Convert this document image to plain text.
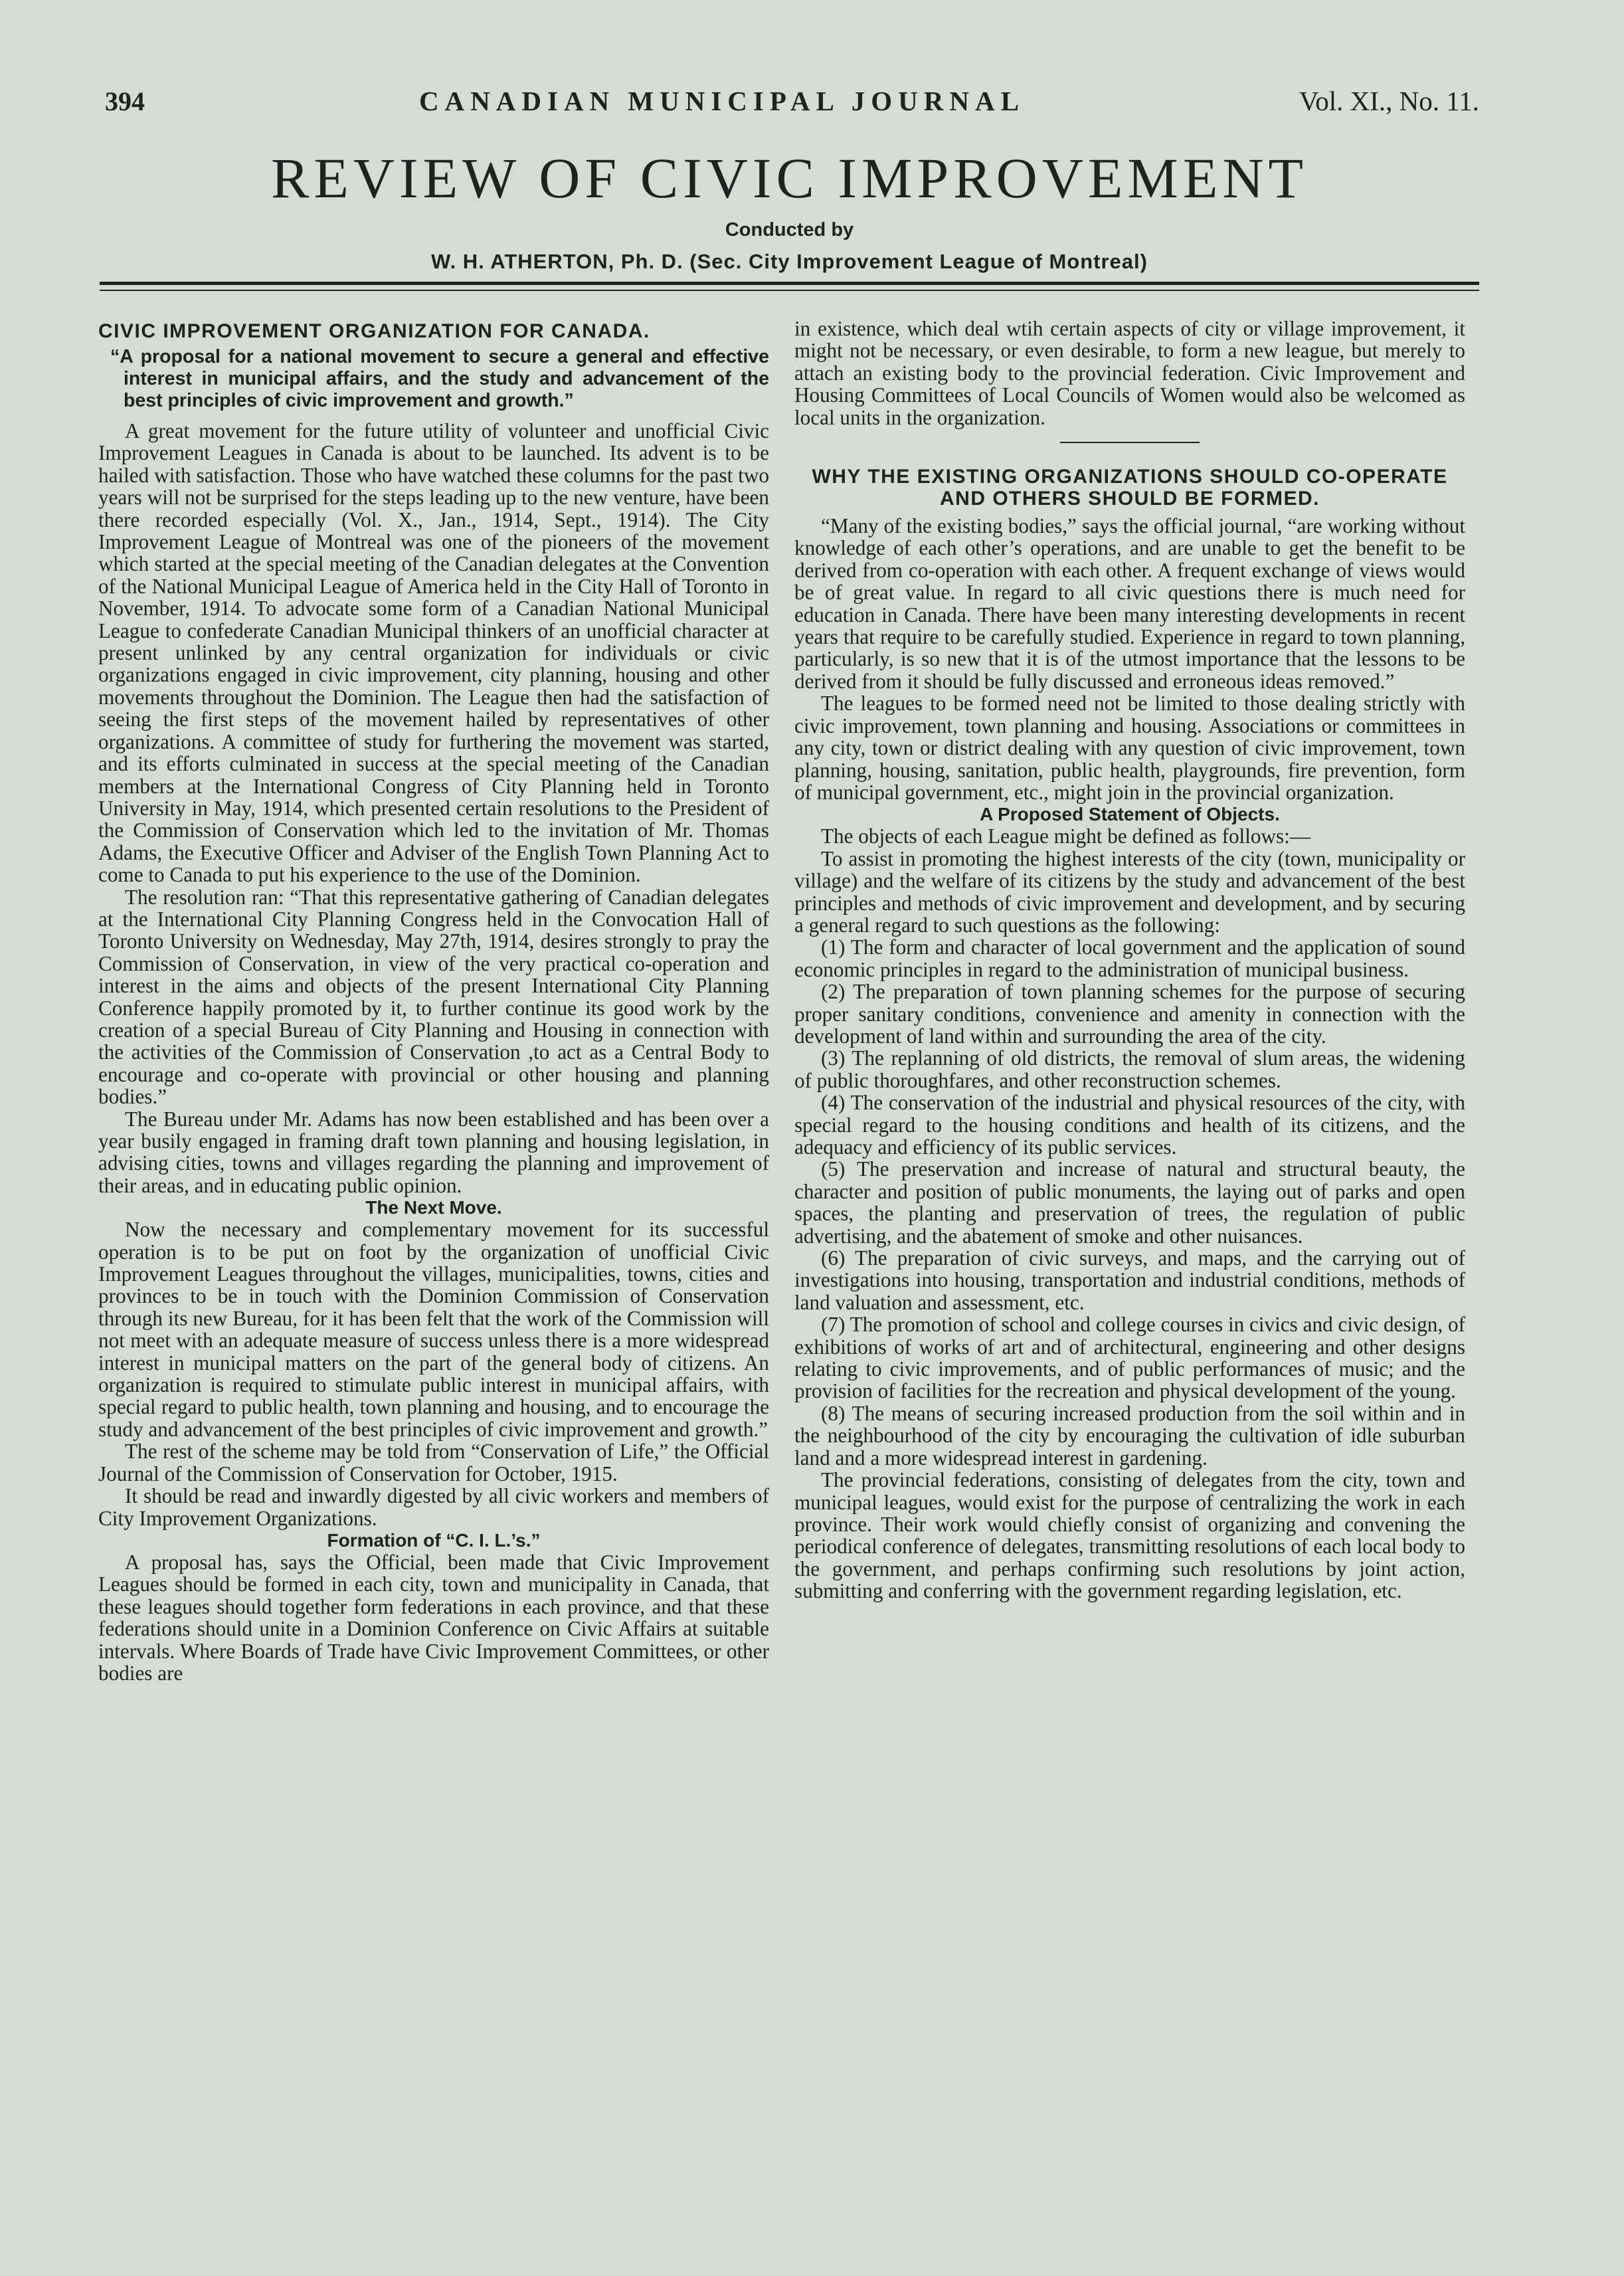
394	CANADIAN MUNICIPAL JOURNAL	Vol. XI., No. 11.
REVIEW OF CIVIC IMPROVEMENT
Conducted by
W. H. ATHERTON, Ph. D. (Sec. City Improvement League of Montreal)
CIVIC IMPROVEMENT ORGANIZATION FOR CANADA.
“A proposal for a national movement to secure a general and effective interest in municipal affairs, and the study and advancement of the best principles of civic improvement and growth.”

A great movement for the future utility of volunteer and unofficial Civic Improvement Leagues in Canada is about to be launched. Its advent is to be hailed with satisfaction. Those who have watched these columns for the past two years will not be surprised for the steps leading up to the new venture, have been there recorded especially (Vol. X., Jan., 1914, Sept., 1914). The City Improvement League of Montreal was one of the pioneers of the movement which started at the special meeting of the Canadian delegates at the Convention of the National Municipal League of America held in the City Hall of Toronto in November, 1914. To advocate some form of a Canadian National Municipal League to confederate Canadian Municipal thinkers of an unofficial character at present unlinked by any central organization for individuals or civic organizations engaged in civic improvement, city planning, housing and other movements throughout the Dominion. The League then had the satisfaction of seeing the first steps of the movement hailed by representatives of other organizations. A committee of study for furthering the movement was started, and its efforts culminated in success at the special meeting of the Canadian members at the International Congress of City Planning held in Toronto University in May, 1914, which presented certain resolutions to the President of the Commission of Conservation which led to the invitation of Mr. Thomas Adams, the Executive Officer and Adviser of the English Town Planning Act to come to Canada to put his experience to the use of the Dominion.

The resolution ran: “That this representative gathering of Canadian delegates at the International City Planning Congress held in the Convocation Hall of Toronto University on Wednesday, May 27th, 1914, desires strongly to pray the Commission of Conservation, in view of the very practical co-operation and interest in the aims and objects of the present International City Planning Conference happily promoted by it, to further continue its good work by the creation of a special Bureau of City Planning and Housing in connection with the activities of the Commission of Conservation ,to act as a Central Body to encourage and co-operate with provincial or other housing and planning bodies.”

The Bureau under Mr. Adams has now been established and has been over a year busily engaged in framing draft town planning and housing legislation, in advising cities, towns and villages regarding the planning and improvement of their areas, and in educating public opinion.

The Next Move.

Now the necessary and complementary movement for its successful operation is to be put on foot by the organization of unofficial Civic Improvement Leagues throughout the villages, municipalities, towns, cities and provinces to be in touch with the Dominion Commission of Conservation through its new Bureau, for it has been felt that the work of the Commission will not meet with an adequate measure of success unless there is a more widespread interest in municipal matters on the part of the general body of citizens. An organization is required to stimulate public interest in municipal affairs, with special regard to public health, town planning and housing, and to encourage the study and advancement of the best principles of civic improvement and growth.”

The rest of the scheme may be told from “Conservation of Life,” the Official Journal of the Commission of Conservation for October, 1915.

It should be read and inwardly digested by all civic workers and members of City Improvement Organizations.

Formation of “C. I. L.’s.”

A proposal has, says the Official, been made that Civic Improvement Leagues should be formed in each city, town and municipality in Canada, that these leagues should together form federations in each province, and that these federations should unite in a Dominion Conference on Civic Affairs at suitable intervals. Where Boards of Trade have Civic Improvement Committees, or other bodies are

in existence, which deal wtih certain aspects of city or village improvement, it might not be necessary, or even desirable, to form a new league, but merely to attach an existing body to the provincial federation. Civic Improvement and Housing Committees of Local Councils of Women would also be welcomed as local units in the organization.

WHY THE EXISTING ORGANIZATIONS SHOULD CO-OPERATE AND OTHERS SHOULD BE FORMED.

“Many of the existing bodies,” says the official journal, “are working without knowledge of each other’s operations, and are unable to get the benefit to be derived from co-operation with each other. A frequent exchange of views would be of great value. In regard to all civic questions there is much need for education in Canada. There have been many interesting developments in recent years that require to be carefully studied. Experience in regard to town planning, particularly, is so new that it is of the utmost importance that the lessons to be derived from it should be fully discussed and erroneous ideas removed.”

The leagues to be formed need not be limited to those dealing strictly with civic improvement, town planning and housing. Associations or committees in any city, town or district dealing with any question of civic improvement, town planning, housing, sanitation, public health, playgrounds, fire prevention, form of municipal government, etc., might join in the provincial organization.

A Proposed Statement of Objects.

The objects of each League might be defined as follows:—

To assist in promoting the highest interests of the city (town, municipality or village) and the welfare of its citizens by the study and advancement of the best principles and methods of civic improvement and development, and by securing a general regard to such questions as the following:

(1) The form and character of local government and the application of sound economic principles in regard to the administration of municipal business.

(2) The preparation of town planning schemes for the purpose of securing proper sanitary conditions, convenience and amenity in connection with the development of land within and surrounding the area of the city.

(3) The replanning of old districts, the removal of slum areas, the widening of public thoroughfares, and other reconstruction schemes.

(4) The conservation of the industrial and physical resources of the city, with special regard to the housing conditions and health of its citizens, and the adequacy and efficiency of its public services.

(5) The preservation and increase of natural and structural beauty, the character and position of public monuments, the laying out of parks and open spaces, the planting and preservation of trees, the regulation of public advertising, and the abatement of smoke and other nuisances.

(6) The preparation of civic surveys, and maps, and the carrying out of investigations into housing, transportation and industrial conditions, methods of land valuation and assessment, etc.

(7) The promotion of school and college courses in civics and civic design, of exhibitions of works of art and of architectural, engineering and other designs relating to civic improvements, and of public performances of music; and the provision of facilities for the recreation and physical development of the young.

(8) The means of securing increased production from the soil within and in the neighbourhood of the city by encouraging the cultivation of idle suburban land and a more widespread interest in gardening.

The provincial federations, consisting of delegates from the city, town and municipal leagues, would exist for the purpose of centralizing the work in each province. Their work would chiefly consist of organizing and convening the periodical conference of delegates, transmitting resolutions of each local body to the government, and perhaps confirming such resolutions by joint action, submitting and conferring with the government regarding legislation, etc.
